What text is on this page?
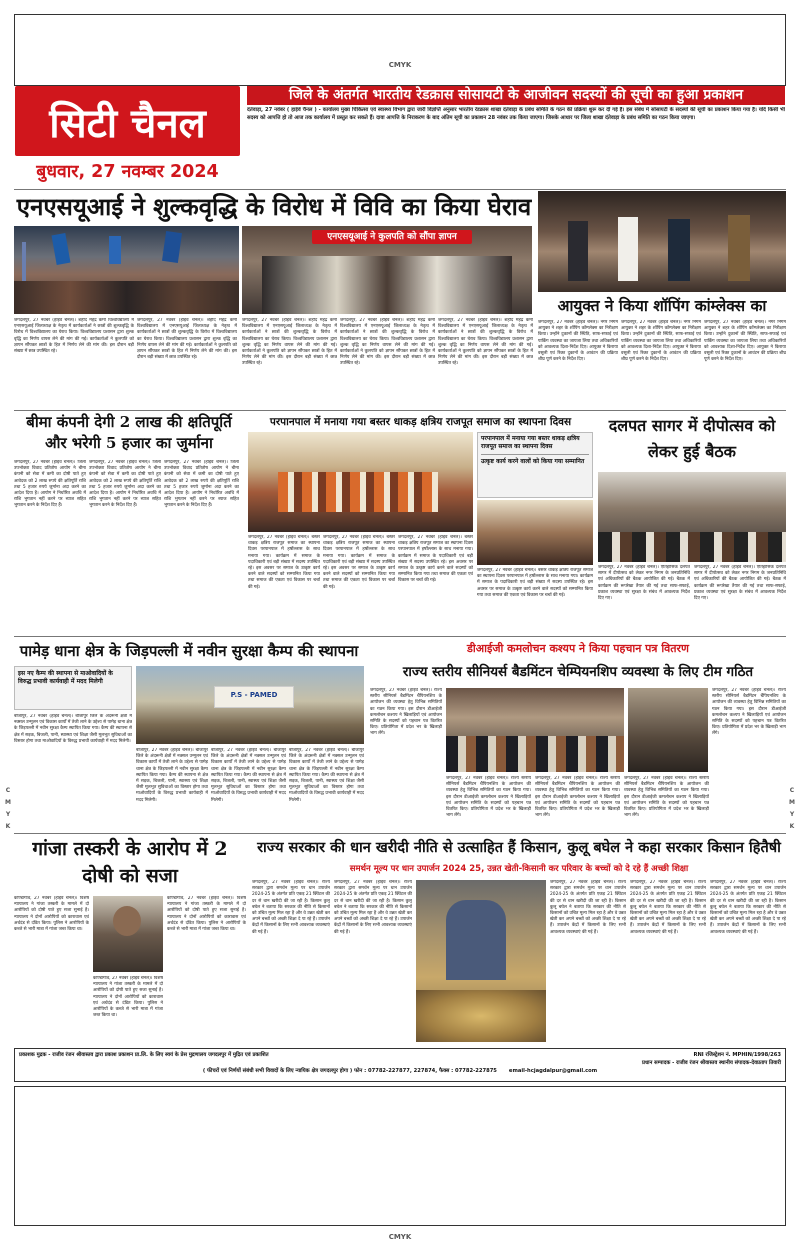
CMYK
CMYK
C
M
Y
K
C
M
Y
K
सिटी चैनल
बुधवार, 27 नवम्बर 2024
जिले के अंतर्गत भारतीय रेडक्रास सोसायटी के आजीवन सदस्यों की सूची का हुआ प्रकाशन
दंतेवाड़ा, 27 नवंबर ( हाईवे चैनल ) - कार्यालय मुख्य चिकित्सा एवं स्वास्थ्य विभाग द्वारा जारी विज्ञप्ति अनुसार भारतीय रेडक्रास शाखा दंतेवाड़ा के प्रबंध समिति के गठन की प्रक्रिया शुरू कर दी गई है। इस संबंध में सोसायटी के सदस्यों की सूची का प्रकाशन किया गया है। यदि किसी भी सदस्य को आपत्ति हो तो आज तक कार्यालय में प्रस्तुत कर सकते हैं। दावा आपत्ति के निराकरण के बाद अंतिम सूची का प्रकाशन 28 नवंबर तक किया जाएगा। जिसके आधार पर जिला शाखा दंतेवाड़ा के प्रबंध समिति का गठन किया जाएगा।
एनएसयूआई ने शुल्कवृद्धि के विरोध में विवि का किया घेराव
एनएसयूआई ने कुलपति को सौंपा ज्ञापन
जगदलपुर, 27 नवंबर (हाईवे चैनल)। शहीद महेंद्र कर्मा विश्वविद्यालय में एनएसयूआई जिलाध्यक्ष के नेतृत्व में कार्यकर्ताओं ने छात्रों की शुल्कवृद्धि के विरोध में विश्वविद्यालय का घेराव किया। विश्वविद्यालय प्रशासन द्वारा शुल्क वृद्धि का निर्णय वापस लेने की मांग की गई। कार्यकर्ताओं ने कुलपति को ज्ञापन सौंपकर छात्रों के हित में निर्णय लेने की मांग की। इस दौरान बड़ी संख्या में छात्र उपस्थित रहे।
जगदलपुर, 27 नवंबर (हाईवे चैनल)। शहीद महेंद्र कर्मा विश्वविद्यालय में एनएसयूआई जिलाध्यक्ष के नेतृत्व में कार्यकर्ताओं ने छात्रों की शुल्कवृद्धि के विरोध में विश्वविद्यालय का घेराव किया। विश्वविद्यालय प्रशासन द्वारा शुल्क वृद्धि का निर्णय वापस लेने की मांग की गई। कार्यकर्ताओं ने कुलपति को ज्ञापन सौंपकर छात्रों के हित में निर्णय लेने की मांग की। इस दौरान बड़ी संख्या में छात्र उपस्थित रहे।
जगदलपुर, 27 नवंबर (हाईवे चैनल)। शहीद महेंद्र कर्मा विश्वविद्यालय में एनएसयूआई जिलाध्यक्ष के नेतृत्व में कार्यकर्ताओं ने छात्रों की शुल्कवृद्धि के विरोध में विश्वविद्यालय का घेराव किया। विश्वविद्यालय प्रशासन द्वारा शुल्क वृद्धि का निर्णय वापस लेने की मांग की गई। कार्यकर्ताओं ने कुलपति को ज्ञापन सौंपकर छात्रों के हित में निर्णय लेने की मांग की। इस दौरान बड़ी संख्या में छात्र उपस्थित रहे।
जगदलपुर, 27 नवंबर (हाईवे चैनल)। शहीद महेंद्र कर्मा विश्वविद्यालय में एनएसयूआई जिलाध्यक्ष के नेतृत्व में कार्यकर्ताओं ने छात्रों की शुल्कवृद्धि के विरोध में विश्वविद्यालय का घेराव किया। विश्वविद्यालय प्रशासन द्वारा शुल्क वृद्धि का निर्णय वापस लेने की मांग की गई। कार्यकर्ताओं ने कुलपति को ज्ञापन सौंपकर छात्रों के हित में निर्णय लेने की मांग की। इस दौरान बड़ी संख्या में छात्र उपस्थित रहे।
जगदलपुर, 27 नवंबर (हाईवे चैनल)। शहीद महेंद्र कर्मा विश्वविद्यालय में एनएसयूआई जिलाध्यक्ष के नेतृत्व में कार्यकर्ताओं ने छात्रों की शुल्कवृद्धि के विरोध में विश्वविद्यालय का घेराव किया। विश्वविद्यालय प्रशासन द्वारा शुल्क वृद्धि का निर्णय वापस लेने की मांग की गई। कार्यकर्ताओं ने कुलपति को ज्ञापन सौंपकर छात्रों के हित में निर्णय लेने की मांग की। इस दौरान बड़ी संख्या में छात्र उपस्थित रहे।
आयुक्त ने किया शॉपिंग कांम्लेक्स का
जगदलपुर, 27 नवंबर (हाईवे चैनल)। नगर निगम आयुक्त ने शहर के शॉपिंग कॉम्प्लेक्स का निरीक्षण किया। उन्होंने दुकानों की स्थिति, साफ-सफाई एवं पार्किंग व्यवस्था का जायजा लिया तथा अधिकारियों को आवश्यक दिशा-निर्देश दिए। आयुक्त ने किराया वसूली एवं रिक्त दुकानों के आवंटन की प्रक्रिया शीघ्र पूर्ण करने के निर्देश दिए।
जगदलपुर, 27 नवंबर (हाईवे चैनल)। नगर निगम आयुक्त ने शहर के शॉपिंग कॉम्प्लेक्स का निरीक्षण किया। उन्होंने दुकानों की स्थिति, साफ-सफाई एवं पार्किंग व्यवस्था का जायजा लिया तथा अधिकारियों को आवश्यक दिशा-निर्देश दिए। आयुक्त ने किराया वसूली एवं रिक्त दुकानों के आवंटन की प्रक्रिया शीघ्र पूर्ण करने के निर्देश दिए।
जगदलपुर, 27 नवंबर (हाईवे चैनल)। नगर निगम आयुक्त ने शहर के शॉपिंग कॉम्प्लेक्स का निरीक्षण किया। उन्होंने दुकानों की स्थिति, साफ-सफाई एवं पार्किंग व्यवस्था का जायजा लिया तथा अधिकारियों को आवश्यक दिशा-निर्देश दिए। आयुक्त ने किराया वसूली एवं रिक्त दुकानों के आवंटन की प्रक्रिया शीघ्र पूर्ण करने के निर्देश दिए।
बीमा कंपनी देगी 2 लाख की क्षतिपूर्ति और भरेगी 5 हजार का जुर्माना
जगदलपुर, 27 नवंबर (हाईवे चैनल)। जिला उपभोक्ता विवाद प्रतितोष आयोग ने बीमा कंपनी को सेवा में कमी का दोषी पाते हुए आवेदक को 2 लाख रुपये की क्षतिपूर्ति राशि तथा 5 हजार रुपये जुर्माना अदा करने का आदेश दिया है। आयोग ने निर्धारित अवधि में राशि भुगतान नहीं करने पर ब्याज सहित भुगतान करने के निर्देश दिए हैं।
जगदलपुर, 27 नवंबर (हाईवे चैनल)। जिला उपभोक्ता विवाद प्रतितोष आयोग ने बीमा कंपनी को सेवा में कमी का दोषी पाते हुए आवेदक को 2 लाख रुपये की क्षतिपूर्ति राशि तथा 5 हजार रुपये जुर्माना अदा करने का आदेश दिया है। आयोग ने निर्धारित अवधि में राशि भुगतान नहीं करने पर ब्याज सहित भुगतान करने के निर्देश दिए हैं।
जगदलपुर, 27 नवंबर (हाईवे चैनल)। जिला उपभोक्ता विवाद प्रतितोष आयोग ने बीमा कंपनी को सेवा में कमी का दोषी पाते हुए आवेदक को 2 लाख रुपये की क्षतिपूर्ति राशि तथा 5 हजार रुपये जुर्माना अदा करने का आदेश दिया है। आयोग ने निर्धारित अवधि में राशि भुगतान नहीं करने पर ब्याज सहित भुगतान करने के निर्देश दिए हैं।
परपानपाल में मनाया गया बस्तर धाकड़ क्षत्रिय राजपूत समाज का स्थापना दिवस
परपानपाल में मनाया गया बस्तर धाकड़ क्षत्रिय राजपूत समाज का स्थापना दिवस
उत्कृष्ट कार्य करने वालों को किया गया सम्मानित
जगदलपुर, 27 नवंबर (हाईवे चैनल)। बस्तर धाकड़ क्षत्रिय राजपूत समाज का स्थापना दिवस परपानपाल में हर्षोल्लास के साथ मनाया गया। कार्यक्रम में समाज के पदाधिकारी एवं बड़ी संख्या में सदस्य उपस्थित रहे। इस अवसर पर समाज के उत्कृष्ट कार्य करने वाले सदस्यों को सम्मानित किया गया तथा समाज की एकता एवं विकास पर चर्चा की गई।
जगदलपुर, 27 नवंबर (हाईवे चैनल)। बस्तर धाकड़ क्षत्रिय राजपूत समाज का स्थापना दिवस परपानपाल में हर्षोल्लास के साथ मनाया गया। कार्यक्रम में समाज के पदाधिकारी एवं बड़ी संख्या में सदस्य उपस्थित रहे। इस अवसर पर समाज के उत्कृष्ट कार्य करने वाले सदस्यों को सम्मानित किया गया तथा समाज की एकता एवं विकास पर चर्चा की गई।
जगदलपुर, 27 नवंबर (हाईवे चैनल)। बस्तर धाकड़ क्षत्रिय राजपूत समाज का स्थापना दिवस परपानपाल में हर्षोल्लास के साथ मनाया गया। कार्यक्रम में समाज के पदाधिकारी एवं बड़ी संख्या में सदस्य उपस्थित रहे। इस अवसर पर समाज के उत्कृष्ट कार्य करने वाले सदस्यों को सम्मानित किया गया तथा समाज की एकता एवं विकास पर चर्चा की गई।
जगदलपुर, 27 नवंबर (हाईवे चैनल)। बस्तर धाकड़ क्षत्रिय राजपूत समाज का स्थापना दिवस परपानपाल में हर्षोल्लास के साथ मनाया गया। कार्यक्रम में समाज के पदाधिकारी एवं बड़ी संख्या में सदस्य उपस्थित रहे। इस अवसर पर समाज के उत्कृष्ट कार्य करने वाले सदस्यों को सम्मानित किया गया तथा समाज की एकता एवं विकास पर चर्चा की गई।
दलपत सागर में दीपोत्सव को लेकर हुई बैठक
जगदलपुर, 27 नवंबर (हाईवे चैनल)। ऐतिहासिक दलपत सागर में दीपोत्सव को लेकर नगर निगम के जनप्रतिनिधि एवं अधिकारियों की बैठक आयोजित की गई। बैठक में कार्यक्रम की रूपरेखा तैयार की गई तथा साफ-सफाई, प्रकाश व्यवस्था एवं सुरक्षा के संबंध में आवश्यक निर्देश दिए गए।
जगदलपुर, 27 नवंबर (हाईवे चैनल)। ऐतिहासिक दलपत सागर में दीपोत्सव को लेकर नगर निगम के जनप्रतिनिधि एवं अधिकारियों की बैठक आयोजित की गई। बैठक में कार्यक्रम की रूपरेखा तैयार की गई तथा साफ-सफाई, प्रकाश व्यवस्था एवं सुरक्षा के संबंध में आवश्यक निर्देश दिए गए।
पामेड़ धाना क्षेत्र के जिड़पल्ली में नवीन सुरक्षा कैम्प की स्थापना
इस नए कैम्प की स्थापना से माओवादियों के विरुद्ध प्रभावी कार्यवाही में मदद मिलेगी
P.S - PAMED
बीजापुर, 27 नवंबर (हाईवे चैनल)। बीजापुर जिले के अंदरूनी क्षेत्रों में नक्सल उन्मूलन एवं विकास कार्यों में तेजी लाने के उद्देश्य से पामेड़ थाना क्षेत्र के जिड़पल्ली में नवीन सुरक्षा कैम्प स्थापित किया गया। कैम्प की स्थापना से क्षेत्र में सड़क, बिजली, पानी, स्वास्थ्य एवं शिक्षा जैसी मूलभूत सुविधाओं का विस्तार होगा तथा माओवादियों के विरुद्ध प्रभावी कार्यवाही में मदद मिलेगी।
बीजापुर, 27 नवंबर (हाईवे चैनल)। बीजापुर जिले के अंदरूनी क्षेत्रों में नक्सल उन्मूलन एवं विकास कार्यों में तेजी लाने के उद्देश्य से पामेड़ थाना क्षेत्र के जिड़पल्ली में नवीन सुरक्षा कैम्प स्थापित किया गया। कैम्प की स्थापना से क्षेत्र में सड़क, बिजली, पानी, स्वास्थ्य एवं शिक्षा जैसी मूलभूत सुविधाओं का विस्तार होगा तथा माओवादियों के विरुद्ध प्रभावी कार्यवाही में मदद मिलेगी।
बीजापुर, 27 नवंबर (हाईवे चैनल)। बीजापुर जिले के अंदरूनी क्षेत्रों में नक्सल उन्मूलन एवं विकास कार्यों में तेजी लाने के उद्देश्य से पामेड़ थाना क्षेत्र के जिड़पल्ली में नवीन सुरक्षा कैम्प स्थापित किया गया। कैम्प की स्थापना से क्षेत्र में सड़क, बिजली, पानी, स्वास्थ्य एवं शिक्षा जैसी मूलभूत सुविधाओं का विस्तार होगा तथा माओवादियों के विरुद्ध प्रभावी कार्यवाही में मदद मिलेगी।
बीजापुर, 27 नवंबर (हाईवे चैनल)। बीजापुर जिले के अंदरूनी क्षेत्रों में नक्सल उन्मूलन एवं विकास कार्यों में तेजी लाने के उद्देश्य से पामेड़ थाना क्षेत्र के जिड़पल्ली में नवीन सुरक्षा कैम्प स्थापित किया गया। कैम्प की स्थापना से क्षेत्र में सड़क, बिजली, पानी, स्वास्थ्य एवं शिक्षा जैसी मूलभूत सुविधाओं का विस्तार होगा तथा माओवादियों के विरुद्ध प्रभावी कार्यवाही में मदद मिलेगी।
डीआईजी कमलोचन कश्यप ने किया पहचान पत्र वितरण
राज्य स्तरीय सीनियर्स बैडमिंटन चेम्पियनशिप व्यवस्था के लिए टीम गठित
जगदलपुर, 27 नवंबर (हाईवे चैनल)। राज्य स्तरीय सीनियर्स बैडमिंटन चैंपियनशिप के आयोजन की व्यवस्था हेतु विभिन्न समितियों का गठन किया गया। इस दौरान डीआईजी कमलोचन कश्यप ने खिलाड़ियों एवं आयोजन समिति के सदस्यों को पहचान पत्र वितरित किए। प्रतियोगिता में प्रदेश भर के खिलाड़ी भाग लेंगे।
जगदलपुर, 27 नवंबर (हाईवे चैनल)। राज्य स्तरीय सीनियर्स बैडमिंटन चैंपियनशिप के आयोजन की व्यवस्था हेतु विभिन्न समितियों का गठन किया गया। इस दौरान डीआईजी कमलोचन कश्यप ने खिलाड़ियों एवं आयोजन समिति के सदस्यों को पहचान पत्र वितरित किए। प्रतियोगिता में प्रदेश भर के खिलाड़ी भाग लेंगे।
जगदलपुर, 27 नवंबर (हाईवे चैनल)। राज्य स्तरीय सीनियर्स बैडमिंटन चैंपियनशिप के आयोजन की व्यवस्था हेतु विभिन्न समितियों का गठन किया गया। इस दौरान डीआईजी कमलोचन कश्यप ने खिलाड़ियों एवं आयोजन समिति के सदस्यों को पहचान पत्र वितरित किए। प्रतियोगिता में प्रदेश भर के खिलाड़ी भाग लेंगे।
जगदलपुर, 27 नवंबर (हाईवे चैनल)। राज्य स्तरीय सीनियर्स बैडमिंटन चैंपियनशिप के आयोजन की व्यवस्था हेतु विभिन्न समितियों का गठन किया गया। इस दौरान डीआईजी कमलोचन कश्यप ने खिलाड़ियों एवं आयोजन समिति के सदस्यों को पहचान पत्र वितरित किए। प्रतियोगिता में प्रदेश भर के खिलाड़ी भाग लेंगे।
जगदलपुर, 27 नवंबर (हाईवे चैनल)। राज्य स्तरीय सीनियर्स बैडमिंटन चैंपियनशिप के आयोजन की व्यवस्था हेतु विभिन्न समितियों का गठन किया गया। इस दौरान डीआईजी कमलोचन कश्यप ने खिलाड़ियों एवं आयोजन समिति के सदस्यों को पहचान पत्र वितरित किए। प्रतियोगिता में प्रदेश भर के खिलाड़ी भाग लेंगे।
गांजा तस्करी के आरोप में 2 दोषी को सजा
कोण्डागांव, 27 नवंबर (हाईवे चैनल)। विशेष न्यायालय ने गांजा तस्करी के मामले में दो आरोपियों को दोषी पाते हुए सजा सुनाई है। न्यायालय ने दोनों आरोपियों को कारावास एवं अर्थदंड से दंडित किया। पुलिस ने आरोपियों के कब्जे से भारी मात्रा में गांजा जब्त किया था।
कोण्डागांव, 27 नवंबर (हाईवे चैनल)। विशेष न्यायालय ने गांजा तस्करी के मामले में दो आरोपियों को दोषी पाते हुए सजा सुनाई है। न्यायालय ने दोनों आरोपियों को कारावास एवं अर्थदंड से दंडित किया। पुलिस ने आरोपियों के कब्जे से भारी मात्रा में गांजा जब्त किया था।
कोण्डागांव, 27 नवंबर (हाईवे चैनल)। विशेष न्यायालय ने गांजा तस्करी के मामले में दो आरोपियों को दोषी पाते हुए सजा सुनाई है। न्यायालय ने दोनों आरोपियों को कारावास एवं अर्थदंड से दंडित किया। पुलिस ने आरोपियों के कब्जे से भारी मात्रा में गांजा जब्त किया था।
राज्य सरकार की धान खरीदी नीति से उत्साहित हैं किसान, कुलू बघेल ने कहा सरकार किसान हितैषी
समर्थन मूल्य पर धान उपार्जन 2024 25, उन्नत खेती-किसानी कर परिवार के बच्चों को दे रहे हैं अच्छी शिक्षा
जगदलपुर, 27 नवंबर (हाईवे चैनल)। राज्य सरकार द्वारा समर्थन मूल्य पर धान उपार्जन 2024-25 के अंतर्गत प्रति एकड़ 21 क्विंटल की दर से धान खरीदी की जा रही है। किसान कुलू बघेल ने बताया कि सरकार की नीति से किसानों को उचित मूल्य मिल रहा है और वे उन्नत खेती कर अपने बच्चों को अच्छी शिक्षा दे पा रहे हैं। उपार्जन केंद्रों में किसानों के लिए सभी आवश्यक व्यवस्थाएं की गई हैं।
जगदलपुर, 27 नवंबर (हाईवे चैनल)। राज्य सरकार द्वारा समर्थन मूल्य पर धान उपार्जन 2024-25 के अंतर्गत प्रति एकड़ 21 क्विंटल की दर से धान खरीदी की जा रही है। किसान कुलू बघेल ने बताया कि सरकार की नीति से किसानों को उचित मूल्य मिल रहा है और वे उन्नत खेती कर अपने बच्चों को अच्छी शिक्षा दे पा रहे हैं। उपार्जन केंद्रों में किसानों के लिए सभी आवश्यक व्यवस्थाएं की गई हैं।
जगदलपुर, 27 नवंबर (हाईवे चैनल)। राज्य सरकार द्वारा समर्थन मूल्य पर धान उपार्जन 2024-25 के अंतर्गत प्रति एकड़ 21 क्विंटल की दर से धान खरीदी की जा रही है। किसान कुलू बघेल ने बताया कि सरकार की नीति से किसानों को उचित मूल्य मिल रहा है और वे उन्नत खेती कर अपने बच्चों को अच्छी शिक्षा दे पा रहे हैं। उपार्जन केंद्रों में किसानों के लिए सभी आवश्यक व्यवस्थाएं की गई हैं।
जगदलपुर, 27 नवंबर (हाईवे चैनल)। राज्य सरकार द्वारा समर्थन मूल्य पर धान उपार्जन 2024-25 के अंतर्गत प्रति एकड़ 21 क्विंटल की दर से धान खरीदी की जा रही है। किसान कुलू बघेल ने बताया कि सरकार की नीति से किसानों को उचित मूल्य मिल रहा है और वे उन्नत खेती कर अपने बच्चों को अच्छी शिक्षा दे पा रहे हैं। उपार्जन केंद्रों में किसानों के लिए सभी आवश्यक व्यवस्थाएं की गई हैं।
जगदलपुर, 27 नवंबर (हाईवे चैनल)। राज्य सरकार द्वारा समर्थन मूल्य पर धान उपार्जन 2024-25 के अंतर्गत प्रति एकड़ 21 क्विंटल की दर से धान खरीदी की जा रही है। किसान कुलू बघेल ने बताया कि सरकार की नीति से किसानों को उचित मूल्य मिल रहा है और वे उन्नत खेती कर अपने बच्चों को अच्छी शिक्षा दे पा रहे हैं। उपार्जन केंद्रों में किसानों के लिए सभी आवश्यक व्यवस्थाएं की गई हैं।
प्रकाशक मुद्रक - राजीव रंजन श्रीवास्तव द्वारा प्रकाश प्रकाशन प्रा.लि. के लिए स्वयं के प्रेस मुद्रणालय जगदलपुर में मुद्रित एवं प्रकाशित	RNI रजिस्ट्रेशन नं. MPHIN/1998/263
प्रधान सम्पादक - राजीव रंजन श्रीवास्तव स्थानीय संपादक-देवप्रताप तिवारी
( फीचरों एवं निर्णयों संबंधी सभी विवादों के लिए न्यायिक क्षेत्र जगदलपुर होगा ) फोन : 07782-227877, 227874, फैक्स : 07782-227875 email-hcjagdalpur@gmail.com
